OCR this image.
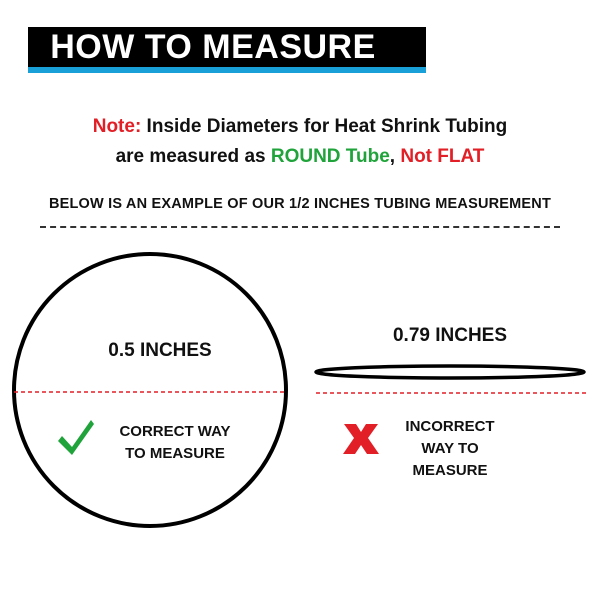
HOW TO MEASURE
Note: Inside Diameters for Heat Shrink Tubing
are measured as ROUND Tube, Not FLAT
BELOW IS AN EXAMPLE OF OUR 1/2 INCHES TUBING MEASUREMENT
0.5 INCHES
0.79 INCHES
CORRECT WAY
TO MEASURE
INCORRECT
WAY TO
MEASURE
